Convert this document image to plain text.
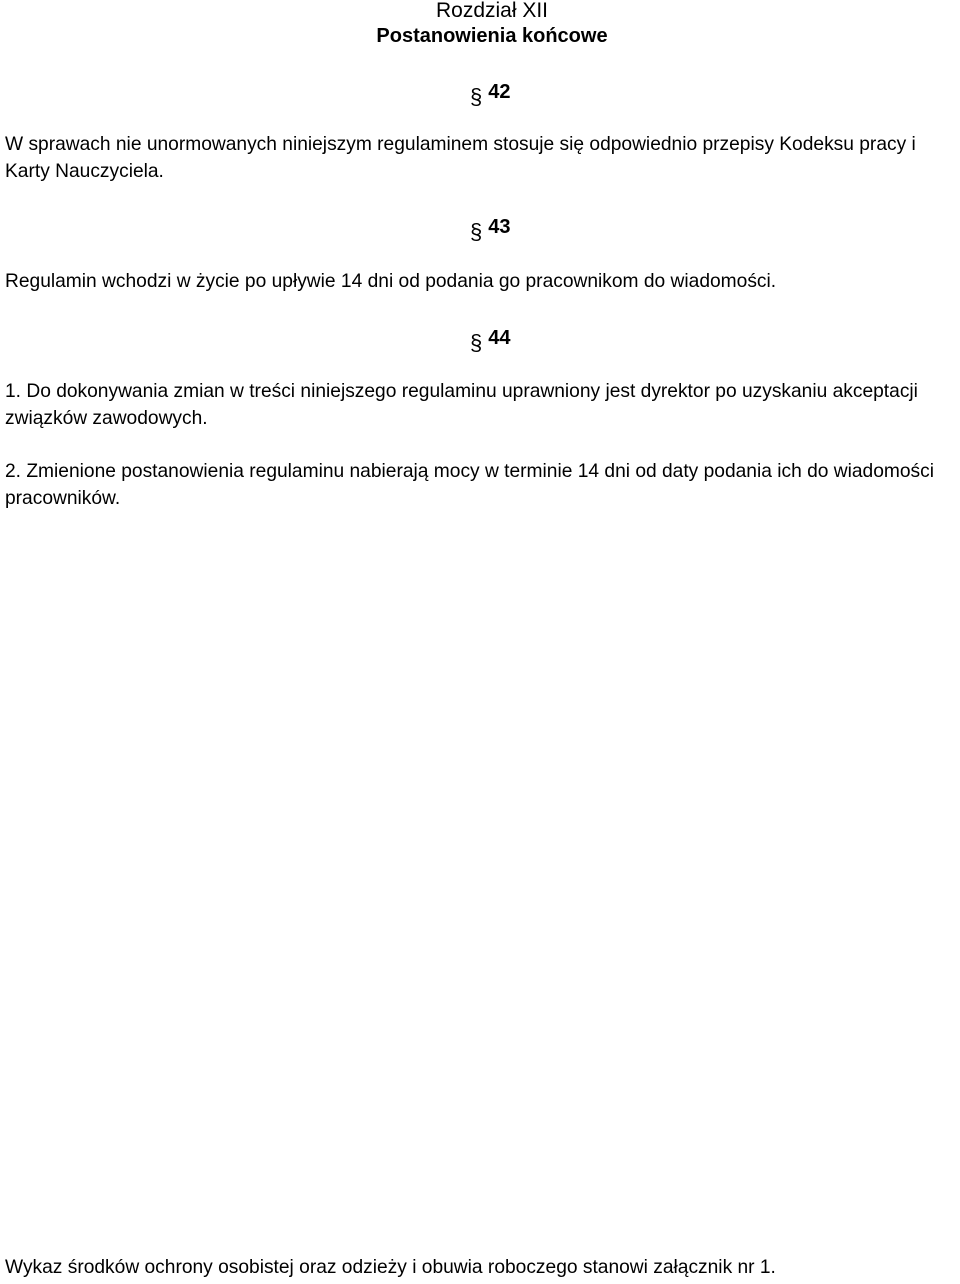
Rozdział XII
Postanowienia końcowe
§ 42

W sprawach nie unormowanych niniejszym regulaminem stosuje się odpowiednio przepisy Kodeksu pracy i Karty Nauczyciela.

§ 43

Regulamin wchodzi w życie po upływie 14 dni od podania go pracownikom do wiadomości.

§ 44

1. Do dokonywania zmian w treści niniejszego regulaminu uprawniony jest dyrektor po uzyskaniu akceptacji związków zawodowych.

2. Zmienione postanowienia regulaminu nabierają mocy w terminie 14 dni od daty podania ich do wiadomości pracowników.

Wykaz środków ochrony osobistej oraz odzieży i obuwia roboczego stanowi załącznik nr 1.
